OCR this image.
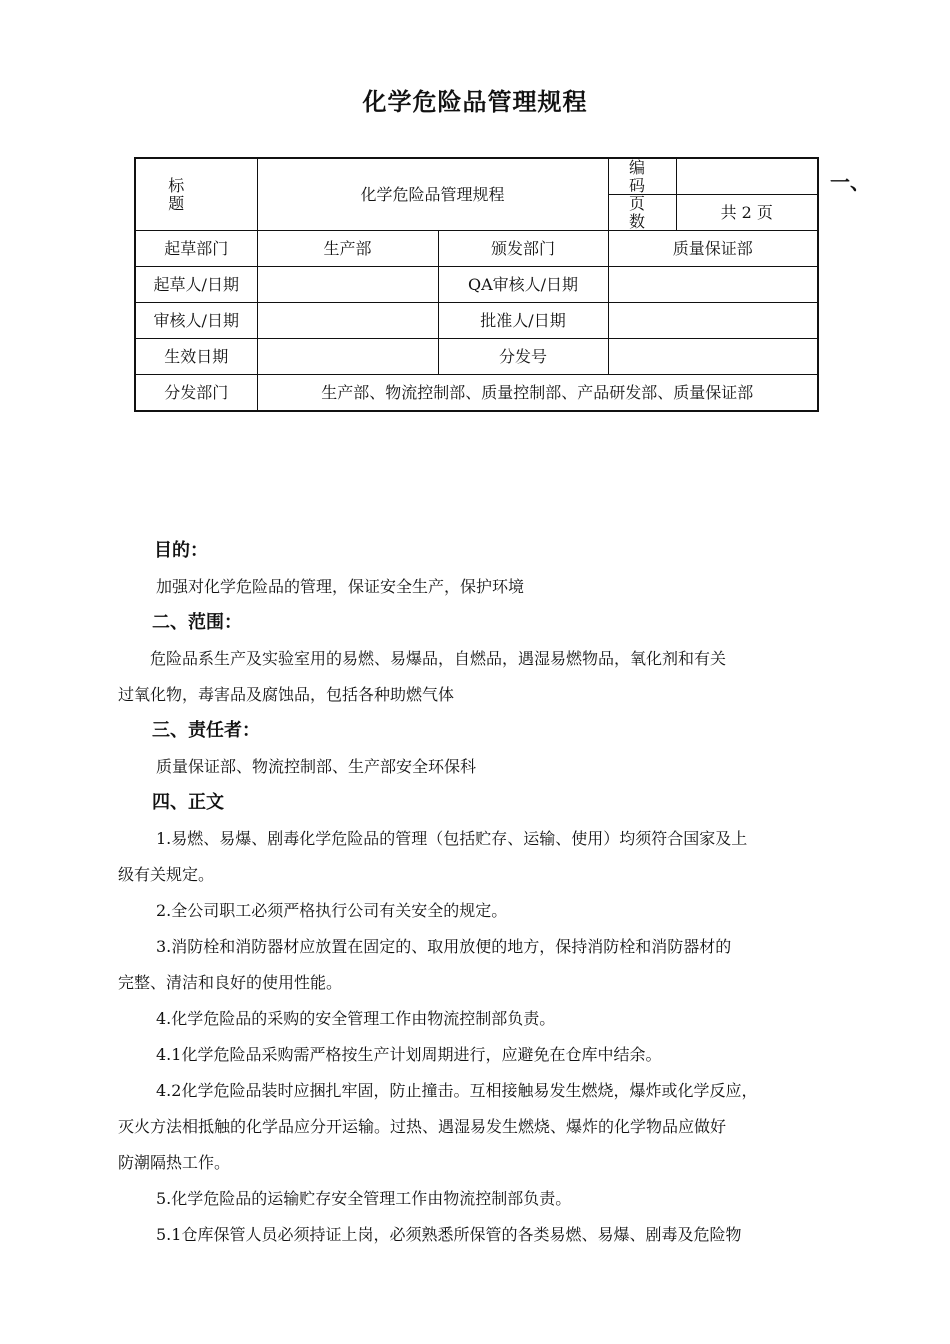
化学危险品管理规程
一、
标 题	化学危险品管理规程		编 码	
			页 数	共 2 页
起草部门	生产部	颁发部门	质量保证部	
起草人/日期		QA审核人/日期		
审核人/日期		批准人/日期		
生效日期		分发号		
分发部门	生产部、物流控制部、质量控制部、产品研发部、质量保证部			

目的：

加强对化学危险品的管理，保证安全生产，保护环境

二、范围：

危险品系生产及实验室用的易燃、易爆品，自燃品，遇湿易燃物品，氧化剂和有关

过氧化物，毒害品及腐蚀品，包括各种助燃气体

三、责任者：

质量保证部、物流控制部、生产部安全环保科

四、正文

1.易燃、易爆、剧毒化学危险品的管理（包括贮存、运输、使用）均须符合国家及上

级有关规定。

2.全公司职工必须严格执行公司有关安全的规定。

3.消防栓和消防器材应放置在固定的、取用放便的地方，保持消防栓和消防器材的

完整、清洁和良好的使用性能。

4.化学危险品的采购的安全管理工作由物流控制部负责。

4.1化学危险品采购需严格按生产计划周期进行，应避免在仓库中结余。

4.2化学危险品装时应捆扎牢固，防止撞击。互相接触易发生燃烧，爆炸或化学反应，

灭火方法相抵触的化学品应分开运输。过热、遇湿易发生燃烧、爆炸的化学物品应做好

防潮隔热工作。

5.化学危险品的运输贮存安全管理工作由物流控制部负责。

5.1仓库保管人员必须持证上岗，必须熟悉所保管的各类易燃、易爆、剧毒及危险物
